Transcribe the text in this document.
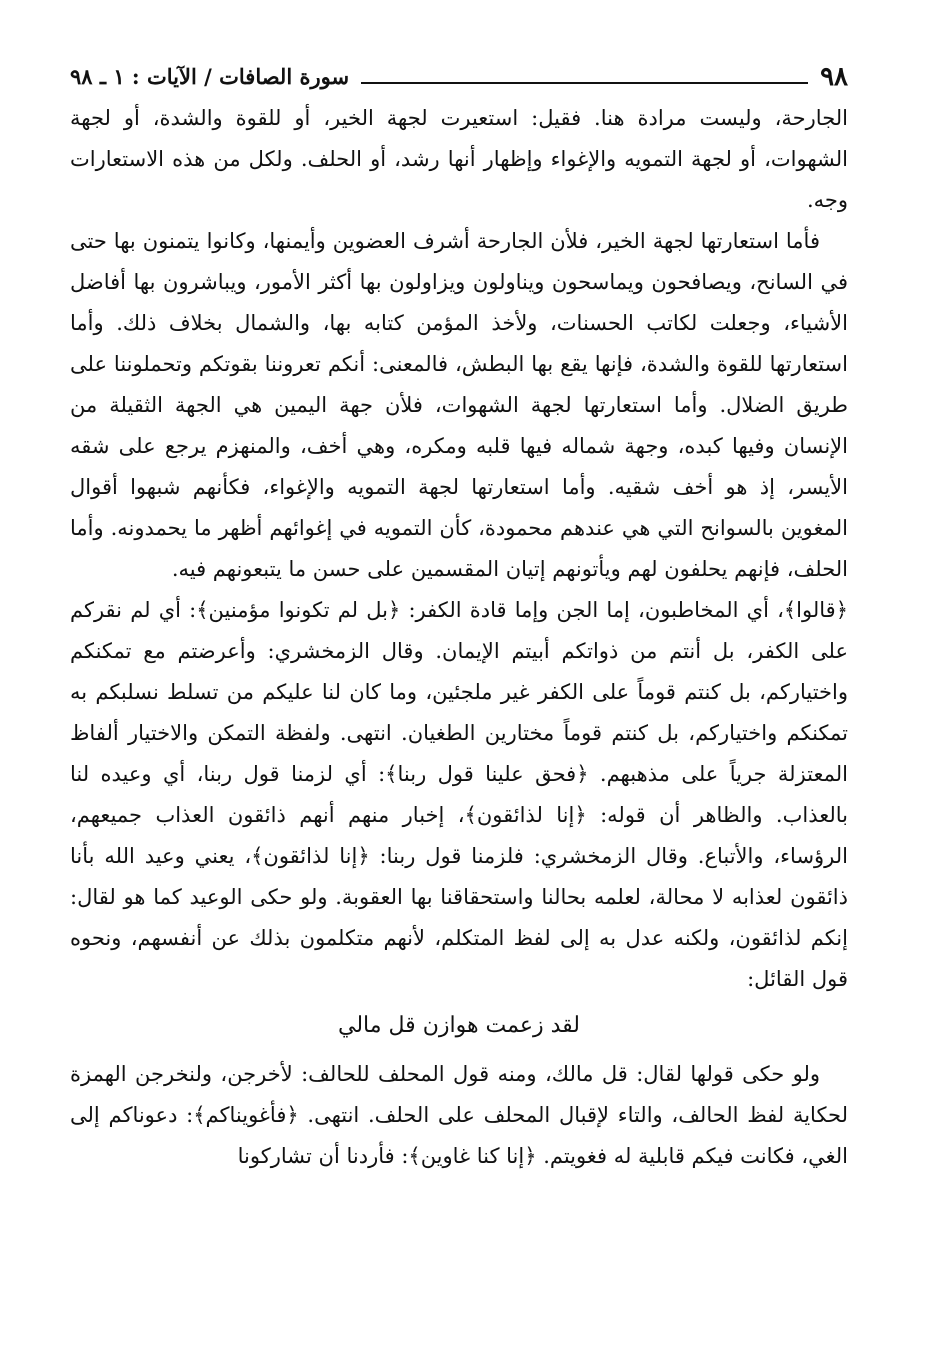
٩٨
سورة الصافات / الآيات : ١ ـ ٩٨

الجارحة، وليست مرادة هنا. فقيل: استعيرت لجهة الخير، أو للقوة والشدة، أو لجهة الشهوات، أو لجهة التمويه والإغواء وإظهار أنها رشد، أو الحلف. ولكل من هذه الاستعارات وجه.

فأما استعارتها لجهة الخير، فلأن الجارحة أشرف العضوين وأيمنها، وكانوا يتمنون بها حتى في السانح، ويصافحون ويماسحون ويناولون ويزاولون بها أكثر الأمور، ويباشرون بها أفاضل الأشياء، وجعلت لكاتب الحسنات، ولأخذ المؤمن كتابه بها، والشمال بخلاف ذلك. وأما استعارتها للقوة والشدة، فإنها يقع بها البطش، فالمعنى: أنكم تعروننا بقوتكم وتحملوننا على طريق الضلال. وأما استعارتها لجهة الشهوات، فلأن جهة اليمين هي الجهة الثقيلة من الإنسان وفيها كبده، وجهة شماله فيها قلبه ومكره، وهي أخف، والمنهزم يرجع على شقه الأيسر، إذ هو أخف شقيه. وأما استعارتها لجهة التمويه والإغواء، فكأنهم شبهوا أقوال المغوين بالسوانح التي هي عندهم محمودة، كأن التمويه في إغوائهم أظهر ما يحمدونه. وأما الحلف، فإنهم يحلفون لهم ويأتونهم إتيان المقسمين على حسن ما يتبعونهم فيه.

﴿قالوا﴾، أي المخاطبون، إما الجن وإما قادة الكفر: ﴿بل لم تكونوا مؤمنين﴾: أي لم نقركم على الكفر، بل أنتم من ذواتكم أبيتم الإيمان. وقال الزمخشري: وأعرضتم مع تمكنكم واختياركم، بل كنتم قوماً على الكفر غير ملجئين، وما كان لنا عليكم من تسلط نسلبكم به تمكنكم واختياركم، بل كنتم قوماً مختارين الطغيان. انتهى. ولفظة التمكن والاختيار ألفاظ المعتزلة جرياً على مذهبهم. ﴿فحق علينا قول ربنا﴾: أي لزمنا قول ربنا، أي وعيده لنا بالعذاب. والظاهر أن قوله: ﴿إنا لذائقون﴾، إخبار منهم أنهم ذائقون العذاب جميعهم، الرؤساء، والأتباع. وقال الزمخشري: فلزمنا قول ربنا: ﴿إنا لذائقون﴾، يعني وعيد الله بأنا ذائقون لعذابه لا محالة، لعلمه بحالنا واستحقاقنا بها العقوبة. ولو حكى الوعيد كما هو لقال: إنكم لذائقون، ولكنه عدل به إلى لفظ المتكلم، لأنهم متكلمون بذلك عن أنفسهم، ونحوه قول القائل:

لقد زعمت هوازن قل مالي

ولو حكى قولها لقال: قل مالك، ومنه قول المحلف للحالف: لأخرجن، ولنخرجن الهمزة لحكاية لفظ الحالف، والتاء لإقبال المحلف على الحلف. انتهى. ﴿فأغويناكم﴾: دعوناكم إلى الغي، فكانت فيكم قابلية له فغويتم. ﴿إنا كنا غاوين﴾: فأردنا أن تشاركونا
